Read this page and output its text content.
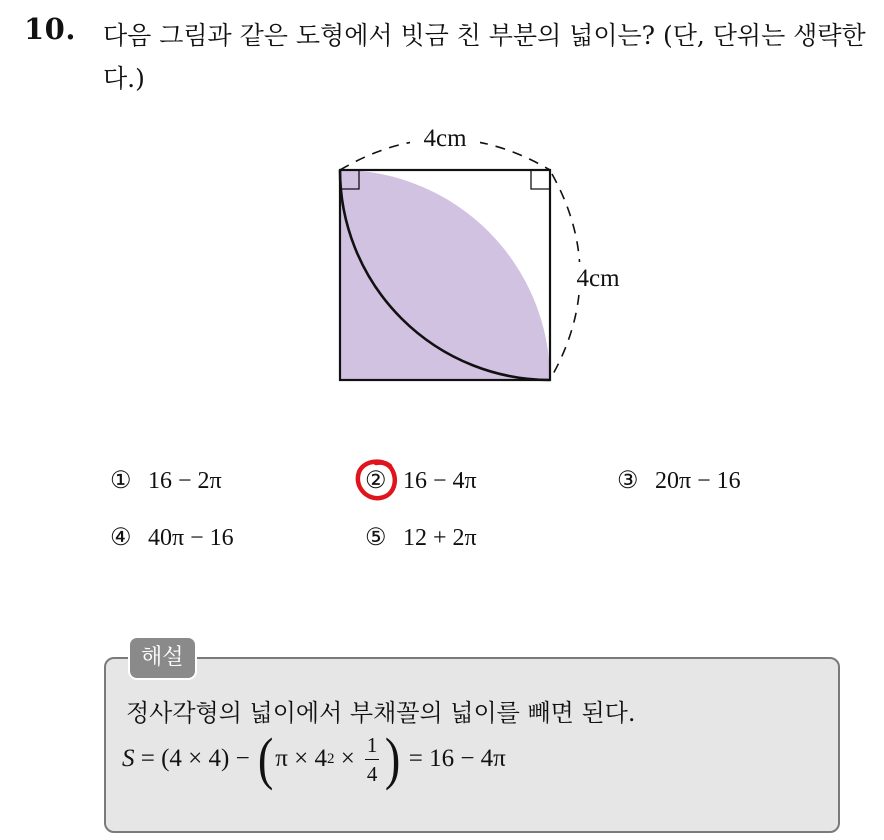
10. 다음 그림과 같은 도형에서 빗금 친 부분의 넓이는? (단, 단위는 생략한다.)
4cm
4cm
① 16 − 2π	② 16 − 4π	③ 20π − 16
④ 40π − 16	⑤ 12 + 2π
해설
정사각형의 넓이에서 부채꼴의 넓이를 빼면 된다.
S = (4 × 4) − ( π × 4 $2 \times \frac{1}{4}$ ) = 16 − 4π
